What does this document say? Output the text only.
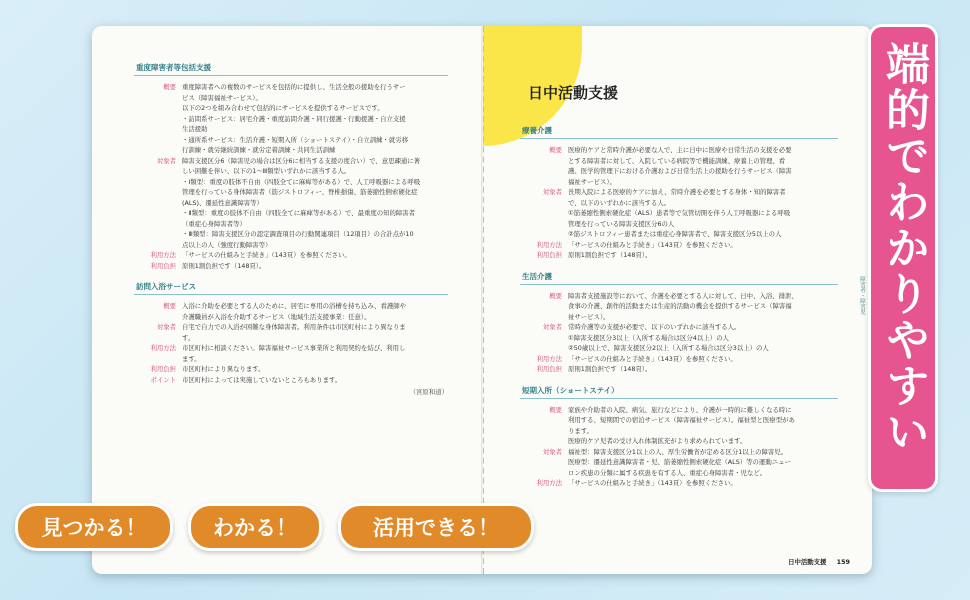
重度障害者等包括支援
概要 重度障害者への複数のサービスを包括的に提供し、生活全般の援助を行うサー
ビス（障害福祉サービス）。
以下の2つを組み合わせて包括的にサービスを提供するサービスです。
・訪問系サービス：居宅介護・重度訪問介護・同行援護・行動援護・自立支援
生活援助
・通所系サービス：生活介護・短期入所（ショートステイ）・自立訓練・就労移
行訓練・就労継続訓練・就労定着訓練・共同生活訓練
対象者 障害支援区分6（障害児の場合は区分6に相当する支援の度合い）で、意思疎通に著
しい困難を伴い、以下の1〜Ⅲ類型いずれかに該当する人。
・Ⅰ類型：重度の肢体不自由（四肢全てに麻痺等がある）で、人工呼吸器による呼吸
管理を行っている身体障害者（筋ジストロフィー、脊椎損傷、筋萎縮性側索硬化症
(ALS)、遷延性意識障害等）
・Ⅱ類型：重度の肢体不自由（四肢全てに麻痺等がある）で、最重度の知的障害者
（重症心身障害者等）
・Ⅲ類型：障害支援区分の認定調査項目の行動関連項目（12項目）の合計点が10
点以上の人（強度行動障害等）
利用方法 「サービスの仕組みと手続き」（143頁）を参照ください。
利用負担 原則1割負担です（148頁）。
訪問入浴サービス
概要 入浴に介助を必要とする人のために、居宅に専用の浴槽を持ち込み、看護師や
介護職員が入浴を介助するサービス（地域生活支援事業：任意）。
対象者 自宅で自力での入浴が困難な身体障害者。利用条件は市区町村により異なりま
す。
利用方法 市区町村に相談ください。障害福祉サービス事業所と利用契約を結び、利用し
ます。
利用負担 市区町村により異なります。
ポイント 市区町村によっては実施していないところもあります。
（宮原和道）
日中活動支援
療養介護
概要 医療的ケアと常時介護が必要な人で、主に日中に医療や日常生活の支援を必要
とする障害者に対して、入院している病院等で機能訓練、療養上の管理、看
護、医学的管理下における介護および日常生活上の援助を行うサービス（障害
福祉サービス）。
対象者 長期入院による医療的ケアに加え、常時介護を必要とする身体・知的障害者
で、以下のいずれかに該当する人。
①筋萎縮性側索硬化症（ALS）患者等で気管切開を伴う人工呼吸器による呼吸
管理を行っている障害支援区分6の人
②筋ジストロフィー患者または重症心身障害者で、障害支援区分5以上の人
利用方法 「サービスの仕組みと手続き」（143頁）を参照ください。
利用負担 原則1割負担です（148頁）。
生活介護
概要 障害者支援施設等において、介護を必要とする人に対して、日中、入浴、排泄、
食事の介護、創作的活動または生産的活動の機会を提供するサービス（障害福
祉サービス）。
対象者 常時介護等の支援が必要で、以下のいずれかに該当する人。
①障害支援区分3以上（入所する場合は区分4以上）の人
②50歳以上で、障害支援区分2以上（入所する場合は区分3以上）の人
利用方法 「サービスの仕組みと手続き」（143頁）を参照ください。
利用負担 原則1割負担です（148頁）。
短期入所（ショートステイ）
概要 家族や介助者の入院、病気、旅行などにより、介護が一時的に難しくなる時に
利用する、短期間での宿泊サービス（障害福祉サービス）。福祉型と医療型があ
ります。
医療的ケア児者の受け入れ体制拡充がより求められています。
対象者 福祉型：障害支援区分1以上の人、厚生労働省が定める区分1以上の障害児。
医療型：遷延性意識障害者・児、筋萎縮性側索硬化症（ALS）等の運動ニュー
ロン疾患の分類に属する疾患を有する人、重症心身障害者・児など。
利用方法 「サービスの仕組みと手続き」（143頁）を参照ください。
障害者・障害児
日中活動支援 159
端的でわかりやすい
見つかる！	わかる！	活用できる！
